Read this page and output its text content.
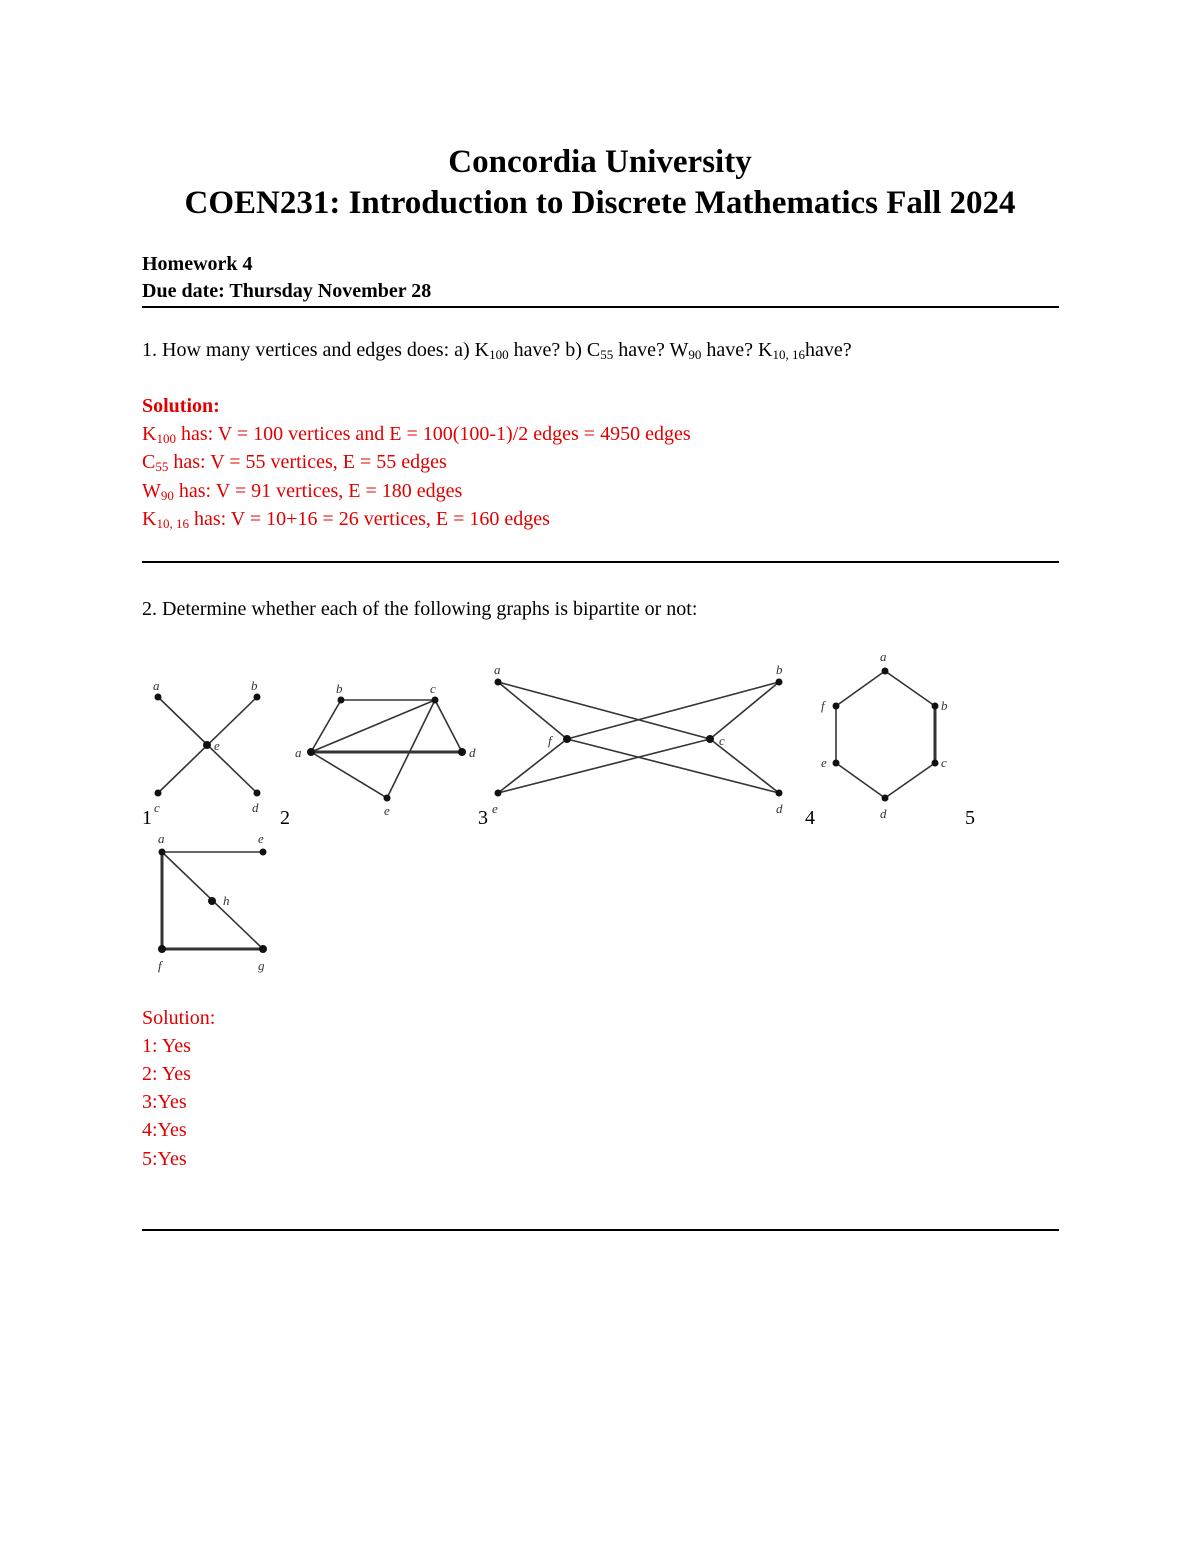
Concordia University
COEN231: Introduction to Discrete Mathematics Fall 2024
Homework 4
Due date: Thursday November 28
1. How many vertices and edges does: a) $K_{100}$ have? b) $C_{55}$ have? $W_{90}$ have? $K_{10, 16}have$?
Solution:
$K_{100}$ has: V = 100 vertices and E = 100(100-1)/2 edges = 4950 edges
$C_{55}$ has: V = 55 vertices, E = 55 edges
$W_{90}$ has: V = 91 vertices, E = 180 edges
$K_{10, 16}$ has: V = 10+16 = 26 vertices, E = 160 edges
2. Determine whether each of the following graphs is bipartite or not:
a	b
e
c	d
b	c
a	d
e
a	b
f	c
e	d
a
f	b
e	c
d
1	2	3	4	5
a	e
h
f	g
Solution:
1: Yes
2: Yes
3:Yes
4:Yes
5:Yes
